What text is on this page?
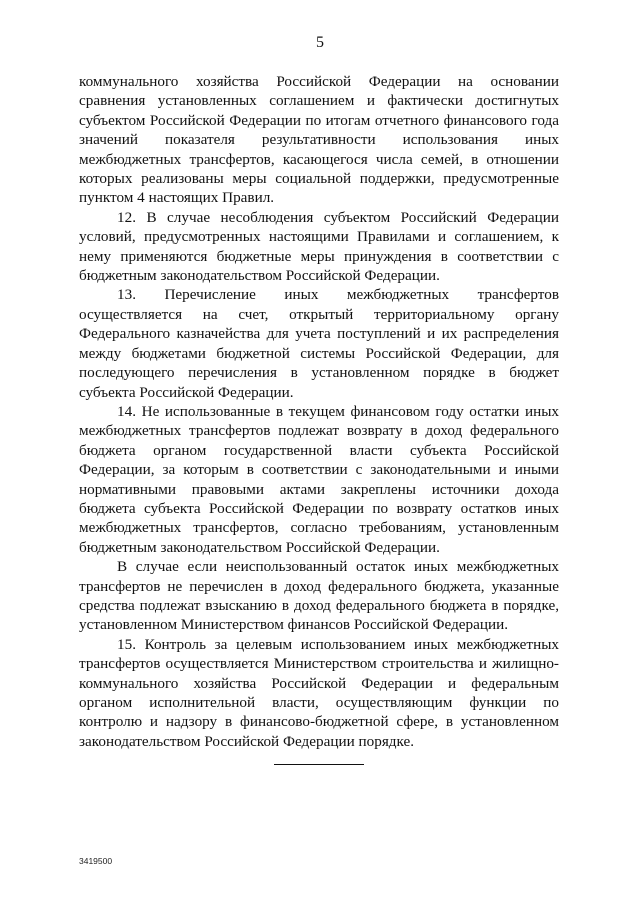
5

коммунального хозяйства Российской Федерации на основании сравнения установленных соглашением и фактически достигнутых субъектом Российской Федерации по итогам отчетного финансового года значений показателя результативности использования иных межбюджетных трансфертов, касающегося числа семей, в отношении которых реализованы меры социальной поддержки, предусмотренные пунктом 4 настоящих Правил.

12. В случае несоблюдения субъектом Российский Федерации условий, предусмотренных настоящими Правилами и соглашением, к нему применяются бюджетные меры принуждения в соответствии с бюджетным законодательством Российской Федерации.

13. Перечисление иных межбюджетных трансфертов осуществляется на счет, открытый территориальному органу Федерального казначейства для учета поступлений и их распределения между бюджетами бюджетной системы Российской Федерации, для последующего перечисления в установленном порядке в бюджет субъекта Российской Федерации.

14. Не использованные в текущем финансовом году остатки иных межбюджетных трансфертов подлежат возврату в доход федерального бюджета органом государственной власти субъекта Российской Федерации, за которым в соответствии с законодательными и иными нормативными правовыми актами закреплены источники дохода бюджета субъекта Российской Федерации по возврату остатков иных межбюджетных трансфертов, согласно требованиям, установленным бюджетным законодательством Российской Федерации.

В случае если неиспользованный остаток иных межбюджетных трансфертов не перечислен в доход федерального бюджета, указанные средства подлежат взысканию в доход федерального бюджета в порядке, установленном Министерством финансов Российской Федерации.

15. Контроль за целевым использованием иных межбюджетных трансфертов осуществляется Министерством строительства и жилищно-коммунального хозяйства Российской Федерации и федеральным органом исполнительной власти, осуществляющим функции по контролю и надзору в финансово-бюджетной сфере, в установленном законодательством Российской Федерации порядке.

3419500
